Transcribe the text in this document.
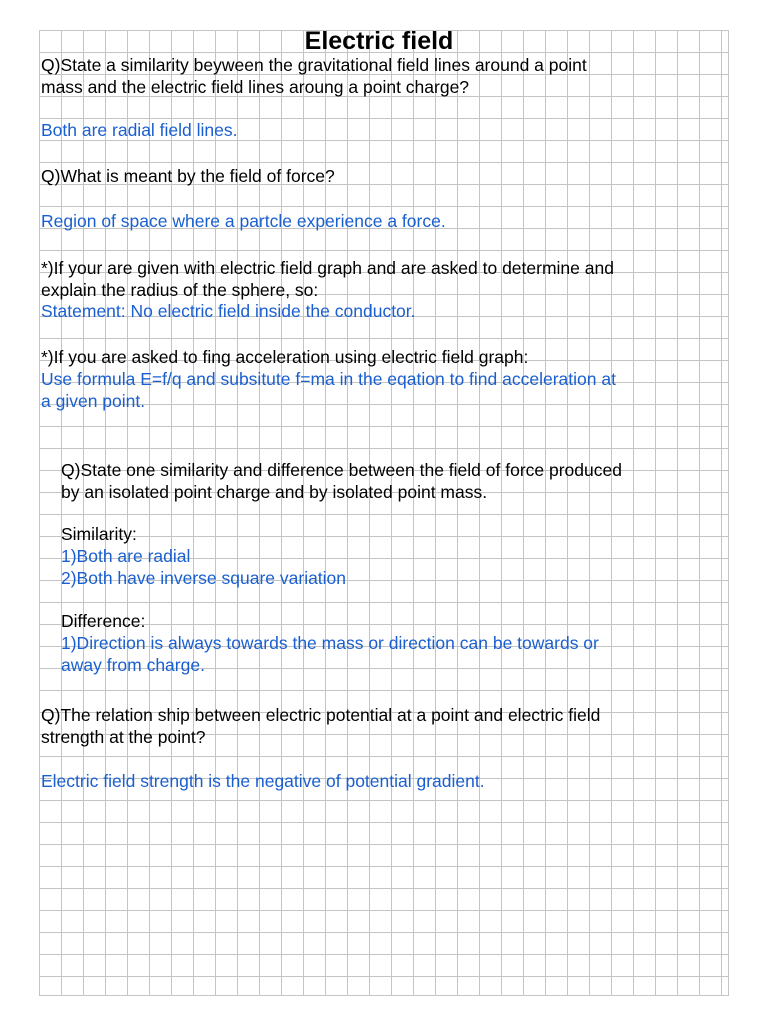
Electric field

Q)State a similarity beyween the gravitational field lines around a point

mass and the electric field lines aroung a point charge?

Both are radial field lines.

Q)What is meant by the field of force?

Region of space where a partcle experience a force.

*)If your are given with electric field graph and are asked to determine and

explain the radius of the sphere, so:

Statement: No electric field inside the conductor.

*)If you are asked to fing acceleration using electric field graph:

Use formula E=f/q and subsitute f=ma in the eqation to find acceleration at

a given point.

Q)State one similarity and difference between the field of force produced

by an isolated point charge and by isolated point mass.

Similarity:

1)Both are radial

2)Both have inverse square variation

Difference:

1)Direction is always towards the mass or direction can be towards or

away from charge.

Q)The relation ship between electric potential at a point and electric field

strength at the point?

Electric field strength is the negative of potential gradient.
